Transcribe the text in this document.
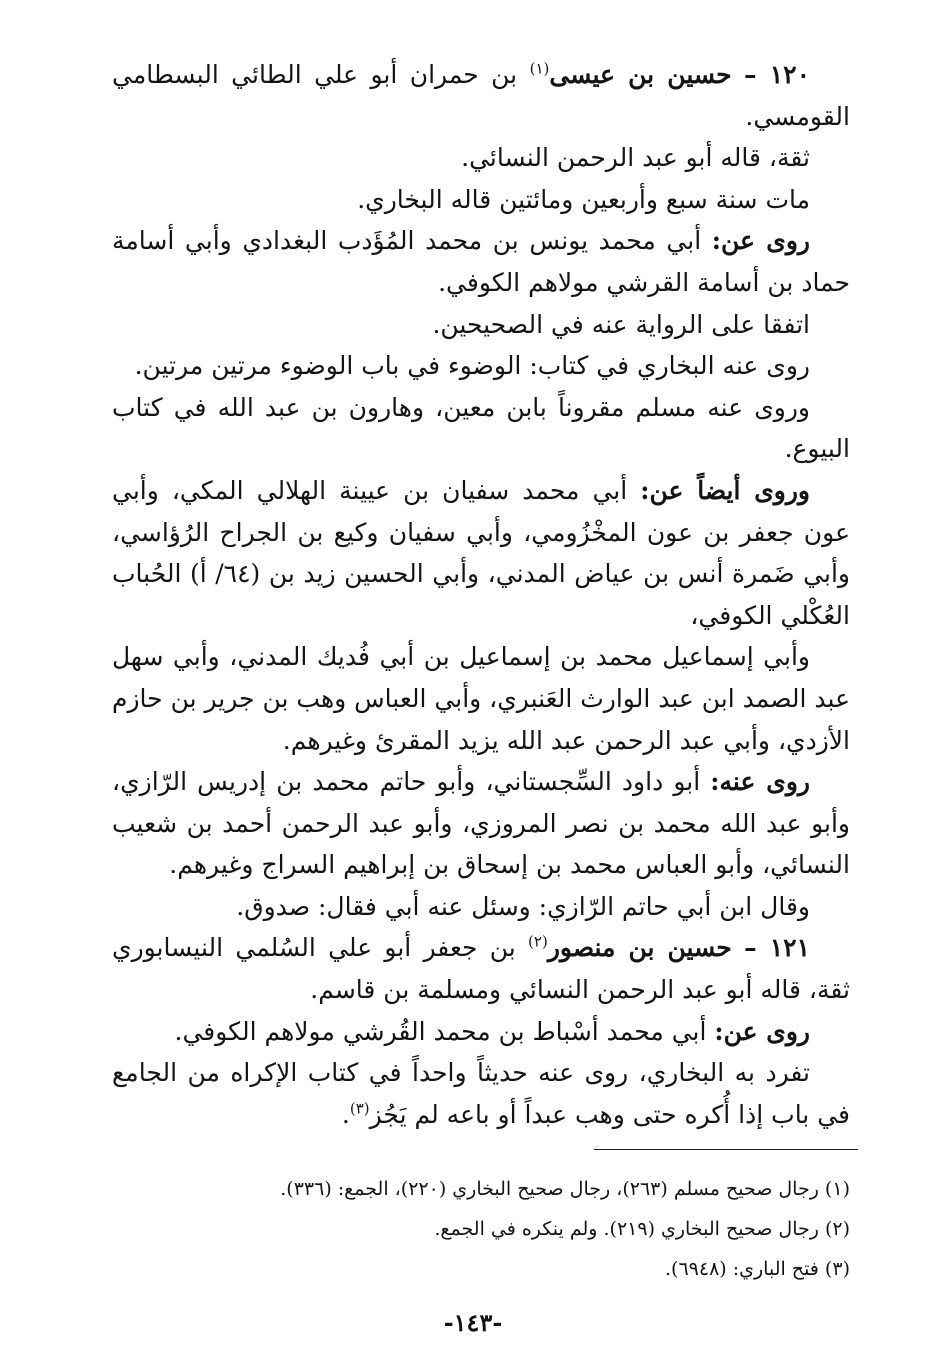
١٢٠ – حسين بن عيسى$^{(١)}$ بن حمران أبو علي الطائي البسطامي القومسي.

ثقة، قاله أبو عبد الرحمن النسائي.

مات سنة سبع وأربعين ومائتين قاله البخاري.

روى عن: أبي محمد يونس بن محمد المُؤَدب البغدادي وأبي أسامة حماد بن أسامة القرشي مولاهم الكوفي.

اتفقا على الرواية عنه في الصحيحين.

روى عنه البخاري في كتاب: الوضوء في باب الوضوء مرتين مرتين.

وروى عنه مسلم مقروناً بابن معين، وهارون بن عبد الله في كتاب البيوع.

وروى أيضاً عن: أبي محمد سفيان بن عيينة الهلالي المكي، وأبي عون جعفر بن عون المخْزُومي، وأبي سفيان وكيع بن الجراح الرُؤاسي، وأبي ضَمرة أنس بن عياض المدني، وأبي الحسين زيد بن (٦٤/ أ) الحُباب العُكْلي الكوفي،

وأبي إسماعيل محمد بن إسماعيل بن أبي فُديك المدني، وأبي سهل عبد الصمد ابن عبد الوارث العَنبري، وأبي العباس وهب بن جرير بن حازم الأزدي، وأبي عبد الرحمن عبد الله يزيد المقرئ وغيرهم.

روى عنه: أبو داود السِّجستاني، وأبو حاتم محمد بن إدريس الرّازي، وأبو عبد الله محمد بن نصر المروزي، وأبو عبد الرحمن أحمد بن شعيب النسائي، وأبو العباس محمد بن إسحاق بن إبراهيم السراج وغيرهم.

وقال ابن أبي حاتم الرّازي: وسئل عنه أبي فقال: صدوق.

١٢١ – حسين بن منصور$^{(٢)}$ بن جعفر أبو علي السُلمي النيسابوري ثقة، قاله أبو عبد الرحمن النسائي ومسلمة بن قاسم.

روى عن: أبي محمد أسْباط بن محمد القُرشي مولاهم الكوفي.

تفرد به البخاري، روى عنه حديثاً واحداً في كتاب الإكراه من الجامع في باب إذا أُكره حتى وهب عبداً أو باعه لم يَجُز$^{(٣)}$.

(١) رجال صحيح مسلم (٢٦٣)، رجال صحيح البخاري (٢٢٠)، الجمع: (٣٣٦).

(٢) رجال صحيح البخاري (٢١٩). ولم ينكره في الجمع.

(٣) فتح الباري: (٦٩٤٨).

-١٤٣-
